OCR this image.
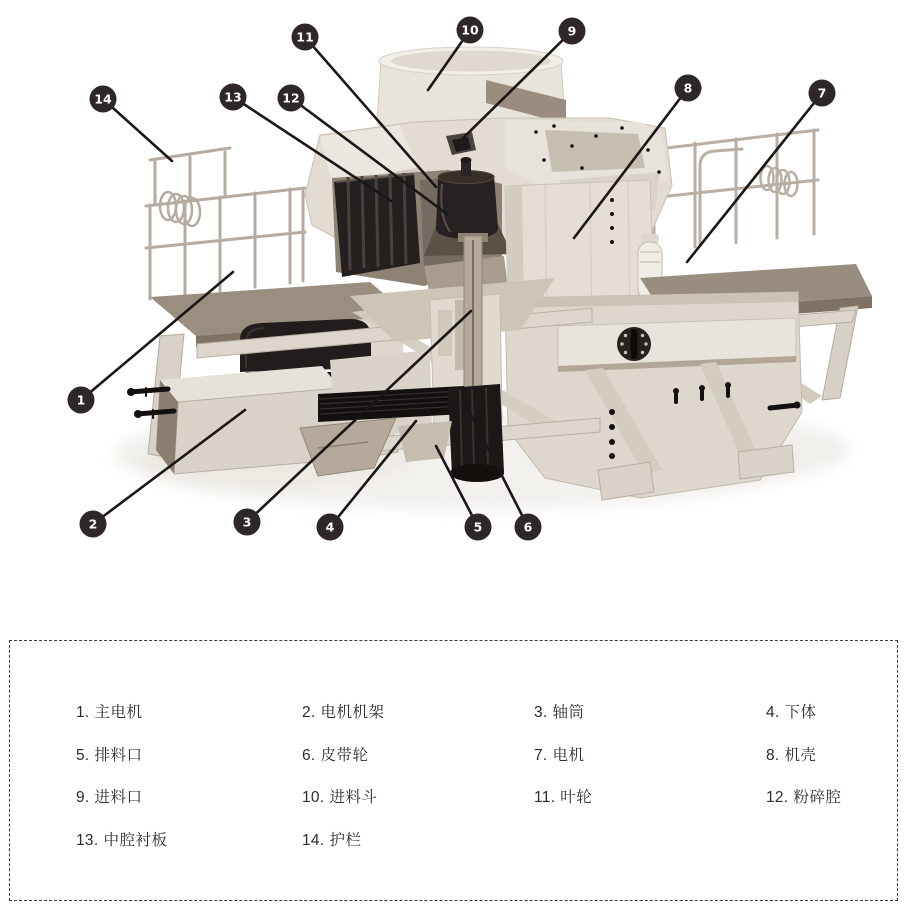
1
2	3	4	5	6
7
8
9
10
11
12
13
14
1. 主电机	2. 电机机架	3. 轴筒	4. 下体
5. 排料口	6. 皮带轮	7. 电机	8. 机壳
9. 进料口	10. 进料斗	11. 叶轮	12. 粉碎腔
13. 中腔衬板	14. 护栏
